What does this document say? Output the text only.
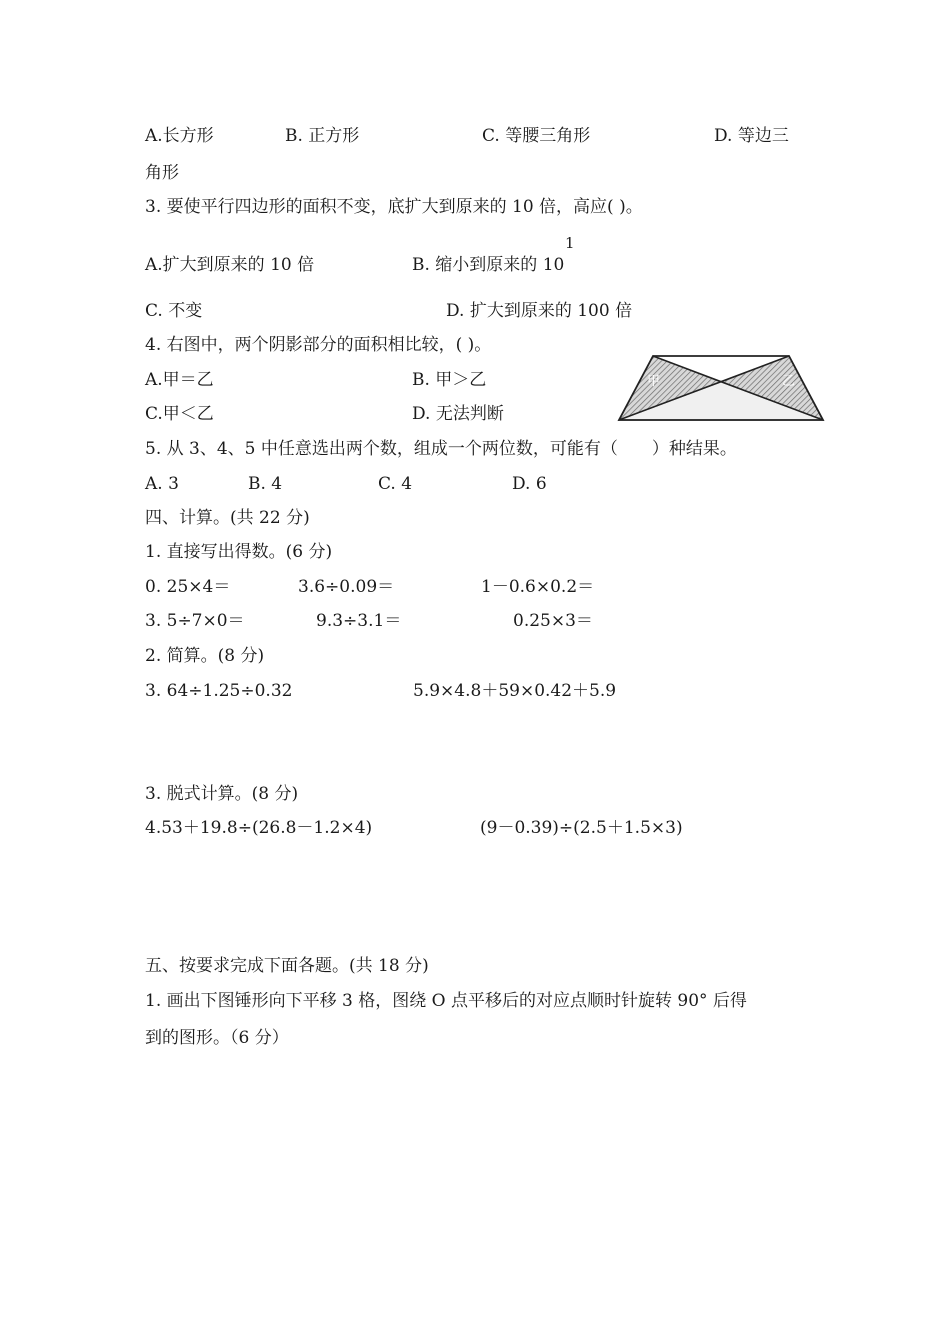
A.长方形	B. 正方形	C. 等腰三角形	D. 等边三
角形
3. 要使平行四边形的面积不变，底扩大到原来的 10 倍，高应( )。
1
A.扩大到原来的 10 倍	B. 缩小到原来的 10
C. 不变	D. 扩大到原来的 100 倍
4. 右图中，两个阴影部分的面积相比较，( )。
A.甲＝乙	B. 甲＞乙
C.甲＜乙	D. 无法判断
甲	乙
5. 从 3、4、5 中任意选出两个数，组成一个两位数，可能有（　　）种结果。
A. 3	B. 4	C. 4	D. 6
四、计算。(共 22 分)
1. 直接写出得数。(6 分)
0. 25×4＝	3.6÷0.09＝	1－0.6×0.2＝
3. 5÷7×0＝	9.3÷3.1＝	0.25×3＝
2. 简算。(8 分)
3. 64÷1.25÷0.32	5.9×4.8＋59×0.42＋5.9
3. 脱式计算。(8 分)
4.53＋19.8÷(26.8－1.2×4)	(9－0.39)÷(2.5＋1.5×3)
五、按要求完成下面各题。(共 18 分)
1. 画出下图锤形向下平移 3 格，图绕 O 点平移后的对应点顺时针旋转 90° 后得
到的图形。（6 分）
